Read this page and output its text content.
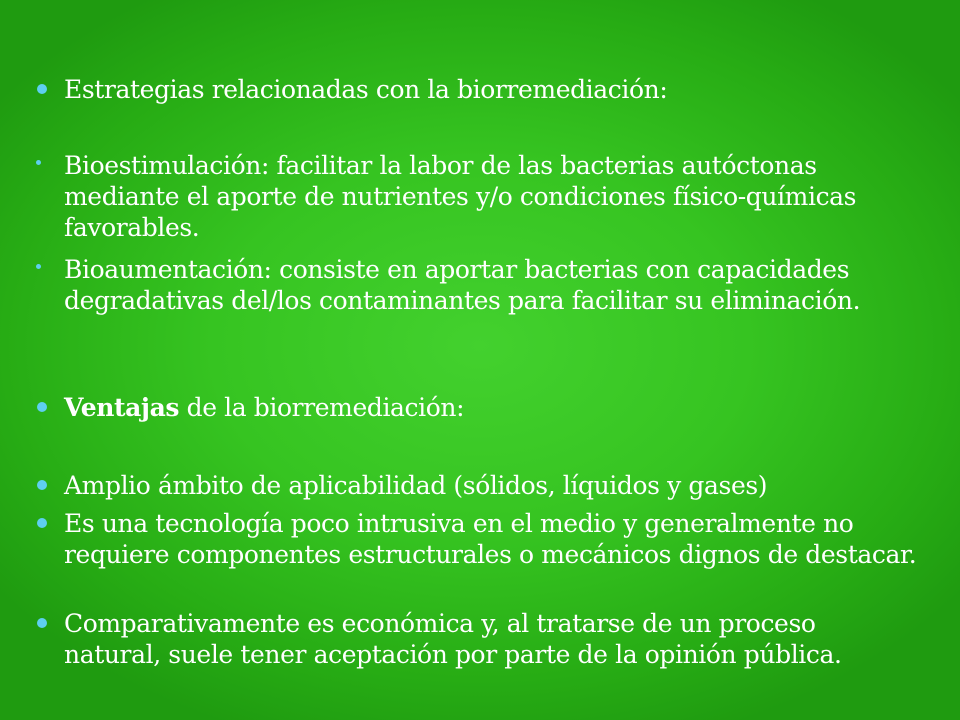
Estrategias relacionadas con la biorremediación:
Bioestimulación: facilitar la labor de las bacterias autóctonas mediante el aporte de nutrientes y/o condiciones físico-químicas favorables.
Bioaumentación: consiste en aportar bacterias con capacidades degradativas del/los contaminantes para facilitar su eliminación.
Ventajas de la biorremediación:
Amplio ámbito de aplicabilidad (sólidos, líquidos y gases)
Es una tecnología poco intrusiva en el medio y generalmente no requiere componentes estructurales o mecánicos dignos de destacar.
Comparativamente es económica y, al tratarse de un proceso natural, suele tener aceptación por parte de la opinión pública.
